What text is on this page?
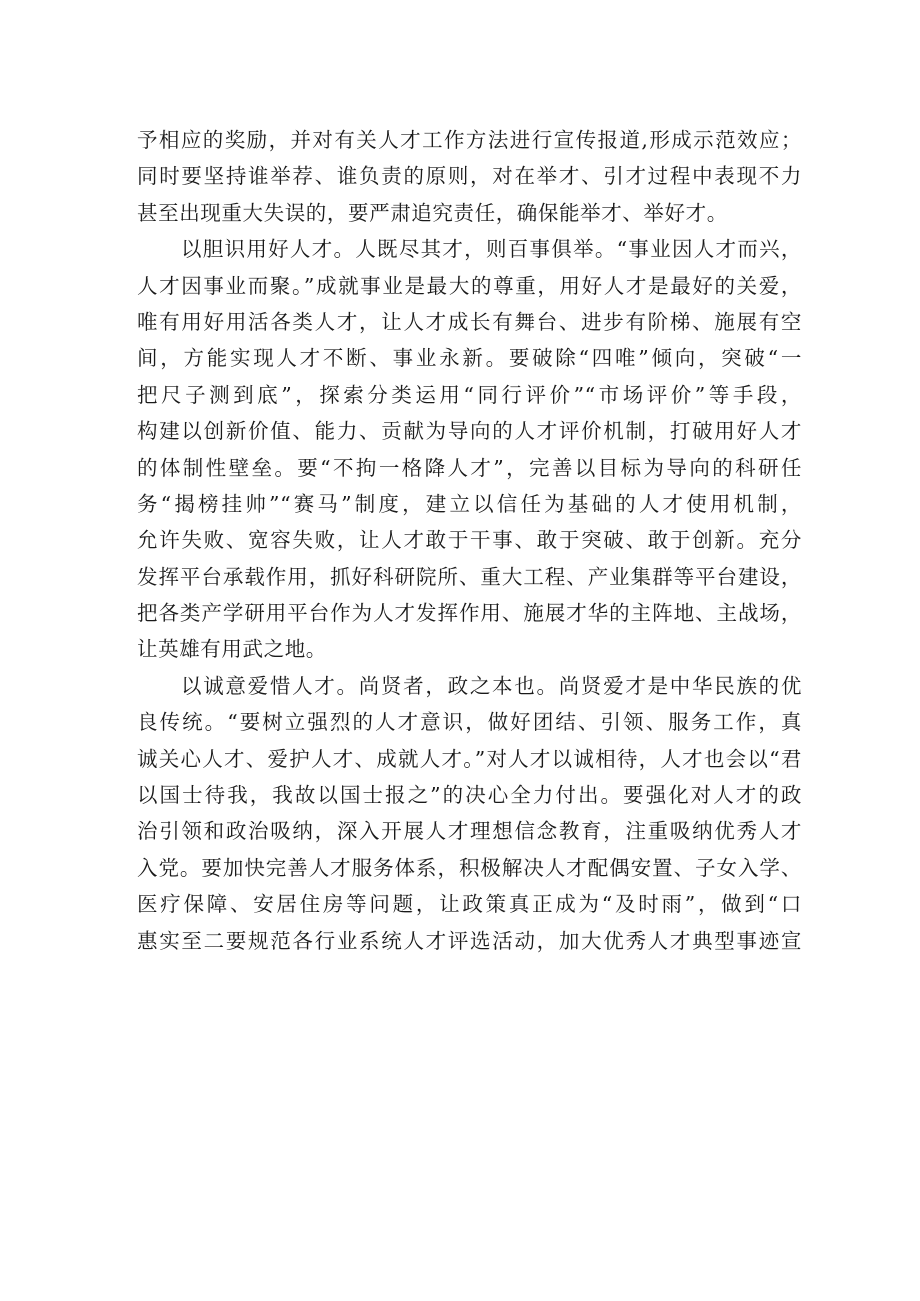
予相应的奖励，并对有关人才工作方法进行宣传报道,形成示范效应；
同时要坚持谁举荐、谁负责的原则，对在举才、引才过程中表现不力
甚至出现重大失误的，要严肃追究责任，确保能举才、举好才。
以胆识用好人才。人既尽其才，则百事俱举。“事业因人才而兴，
人才因事业而聚。”成就事业是最大的尊重，用好人才是最好的关爱，
唯有用好用活各类人才，让人才成长有舞台、进步有阶梯、施展有空
间，方能实现人才不断、事业永新。要破除“四唯”倾向，突破“一
把尺子测到底”，探索分类运用“同行评价”“市场评价”等手段，
构建以创新价值、能力、贡献为导向的人才评价机制，打破用好人才
的体制性壁垒。要“不拘一格降人才”，完善以目标为导向的科研任
务“揭榜挂帅”“赛马”制度，建立以信任为基础的人才使用机制，
允许失败、宽容失败，让人才敢于干事、敢于突破、敢于创新。充分
发挥平台承载作用，抓好科研院所、重大工程、产业集群等平台建设，
把各类产学研用平台作为人才发挥作用、施展才华的主阵地、主战场，
让英雄有用武之地。
以诚意爱惜人才。尚贤者，政之本也。尚贤爱才是中华民族的优
良传统。“要树立强烈的人才意识，做好团结、引领、服务工作，真
诚关心人才、爱护人才、成就人才。”对人才以诚相待，人才也会以“君
以国士待我，我故以国士报之”的决心全力付出。要强化对人才的政
治引领和政治吸纳，深入开展人才理想信念教育，注重吸纳优秀人才
入党。要加快完善人才服务体系，积极解决人才配偶安置、子女入学、
医疗保障、安居住房等问题，让政策真正成为“及时雨”，做到“口
惠实至二要规范各行业系统人才评选活动，加大优秀人才典型事迹宣
